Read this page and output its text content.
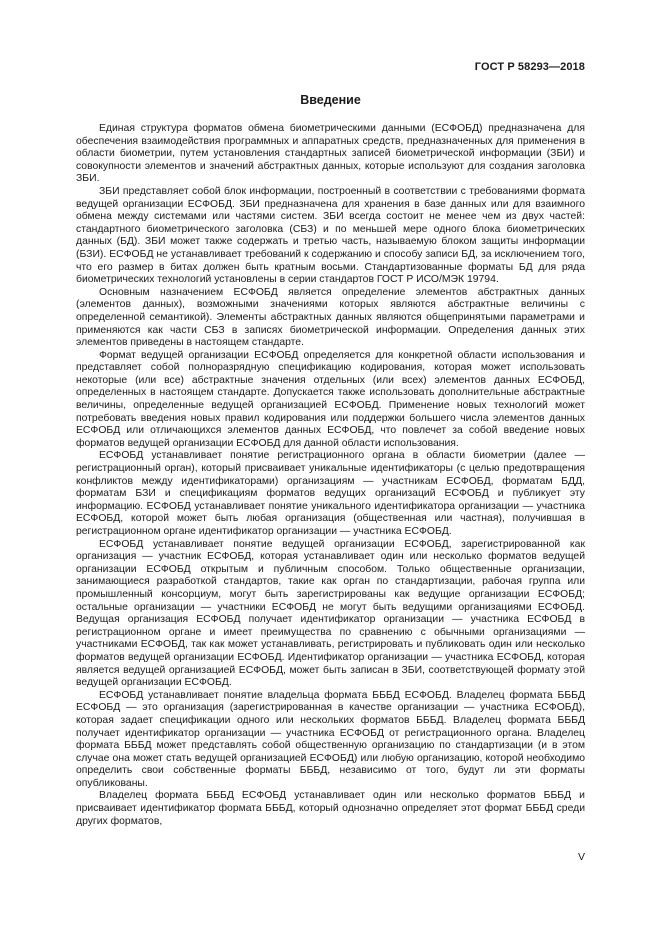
ГОСТ Р 58293—2018
Введение

Единая структура форматов обмена биометрическими данными (ЕСФОБД) предназначена для обеспечения взаимодействия программных и аппаратных средств, предназначенных для применения в области биометрии, путем установления стандартных записей биометрической информации (ЗБИ) и совокупности элементов и значений абстрактных данных, которые используют для создания заголовка ЗБИ.

ЗБИ представляет собой блок информации, построенный в соответствии с требованиями формата ведущей организации ЕСФОБД. ЗБИ предназначена для хранения в базе данных или для взаимного обмена между системами или частями систем. ЗБИ всегда состоит не менее чем из двух частей: стандартного биометрического заголовка (СБЗ) и по меньшей мере одного блока биометрических данных (БД). ЗБИ может также содержать и третью часть, называемую блоком защиты информации (БЗИ). ЕСФОБД не устанавливает требований к содержанию и способу записи БД, за исключением того, что его размер в битах должен быть кратным восьми. Стандартизованные форматы БД для ряда биометрических технологий установлены в серии стандартов ГОСТ Р ИСО/МЭК 19794.

Основным назначением ЕСФОБД является определение элементов абстрактных данных (элементов данных), возможными значениями которых являются абстрактные величины с определенной семантикой). Элементы абстрактных данных являются общепринятыми параметрами и применяются как части СБЗ в записях биометрической информации. Определения данных этих элементов приведены в настоящем стандарте.

Формат ведущей организации ЕСФОБД определяется для конкретной области использования и представляет собой полноразрядную спецификацию кодирования, которая может использовать некоторые (или все) абстрактные значения отдельных (или всех) элементов данных ЕСФОБД, определенных в настоящем стандарте. Допускается также использовать дополнительные абстрактные величины, определенные ведущей организацией ЕСФОБД. Применение новых технологий может потребовать введения новых правил кодирования или поддержки большего числа элементов данных ЕСФОБД или отличающихся элементов данных ЕСФОБД, что повлечет за собой введение новых форматов ведущей организации ЕСФОБД для данной области использования.

ЕСФОБД устанавливает понятие регистрационного органа в области биометрии (далее — регистрационный орган), который присваивает уникальные идентификаторы (с целью предотвращения конфликтов между идентификаторами) организациям — участникам ЕСФОБД, форматам БДД, форматам БЗИ и спецификациям форматов ведущих организаций ЕСФОБД и публикует эту информацию. ЕСФОБД устанавливает понятие уникального идентификатора организации — участника ЕСФОБД, которой может быть любая организация (общественная или частная), получившая в регистрационном органе идентификатор организации — участника ЕСФОБД.

ЕСФОБД устанавливает понятие ведущей организации ЕСФОБД, зарегистрированной как организация — участник ЕСФОБД, которая устанавливает один или несколько форматов ведущей организации ЕСФОБД открытым и публичным способом. Только общественные организации, занимающиеся разработкой стандартов, такие как орган по стандартизации, рабочая группа или промышленный консорциум, могут быть зарегистрированы как ведущие организации ЕСФОБД; остальные организации — участники ЕСФОБД не могут быть ведущими организациями ЕСФОБД. Ведущая организация ЕСФОБД получает идентификатор организации — участника ЕСФОБД в регистрационном органе и имеет преимущества по сравнению с обычными организациями — участниками ЕСФОБД, так как может устанавливать, регистрировать и публиковать один или несколько форматов ведущей организации ЕСФОБД. Идентификатор организации — участника ЕСФОБД, которая является ведущей организацией ЕСФОБД, может быть записан в ЗБИ, соответствующей формату этой ведущей организации ЕСФОБД.

ЕСФОБД устанавливает понятие владельца формата БББД ЕСФОБД. Владелец формата БББД ЕСФОБД — это организация (зарегистрированная в качестве организации — участника ЕСФОБД), которая задает спецификации одного или нескольких форматов БББД. Владелец формата БББД получает идентификатор организации — участника ЕСФОБД от регистрационного органа. Владелец формата БББД может представлять собой общественную организацию по стандартизации (и в этом случае она может стать ведущей организацией ЕСФОБД) или любую организацию, которой необходимо определить свои собственные форматы БББД, независимо от того, будут ли эти форматы опубликованы.

Владелец формата БББД ЕСФОБД устанавливает один или несколько форматов БББД и присваивает идентификатор формата БББД, который однозначно определяет этот формат БББД среди других форматов,

V
